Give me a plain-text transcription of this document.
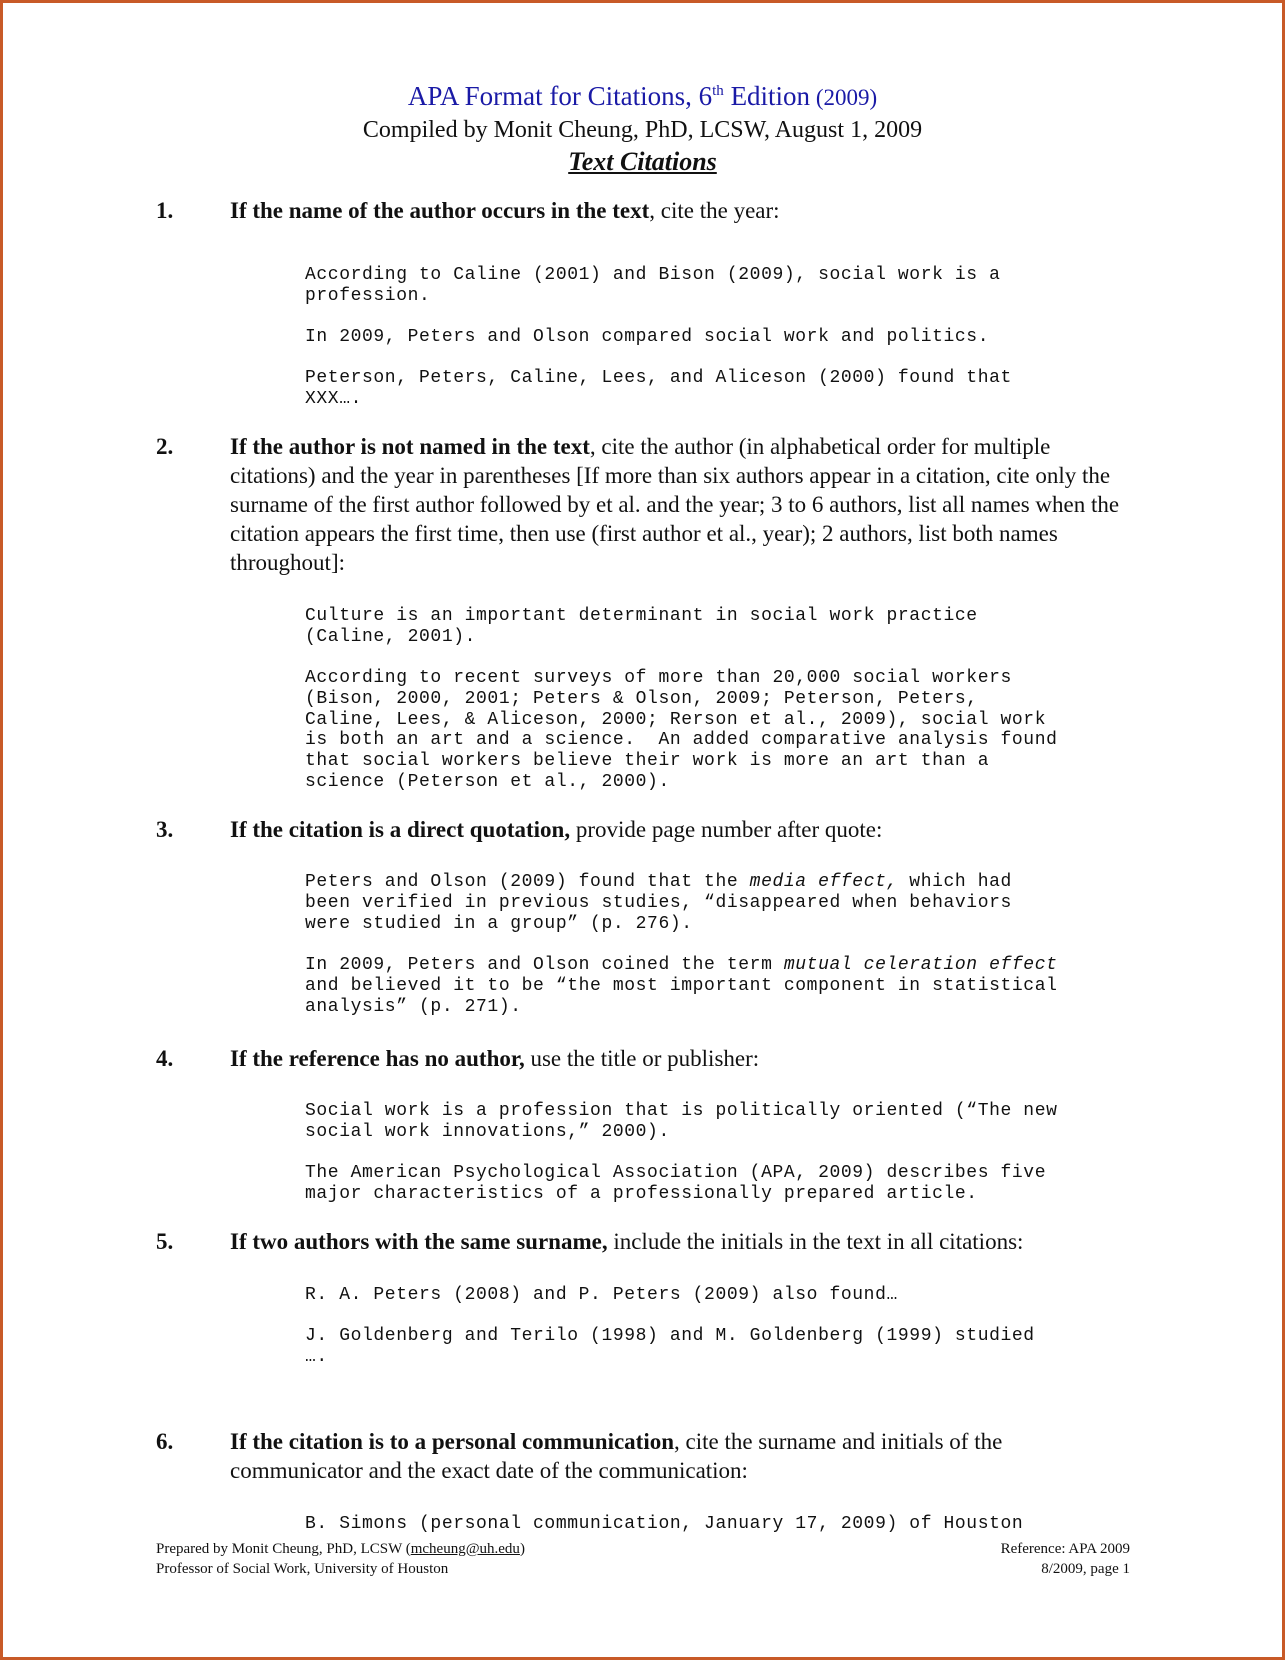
APA Format for Citations, 6th Edition (2009)
Compiled by Monit Cheung, PhD, LCSW, August 1, 2009
Text Citations
1. If the name of the author occurs in the text, cite the year:
According to Caline (2001) and Bison (2009), social work is a
profession.
In 2009, Peters and Olson compared social work and politics.
Peterson, Peters, Caline, Lees, and Aliceson (2000) found that
XXX….
2. If the author is not named in the text, cite the author (in alphabetical order for multiple citations) and the year in parentheses [If more than six authors appear in a citation, cite only the surname of the first author followed by et al. and the year; 3 to 6 authors, list all names when the citation appears the first time, then use (first author et al., year); 2 authors, list both names throughout]:
Culture is an important determinant in social work practice
(Caline, 2001).
According to recent surveys of more than 20,000 social workers
(Bison, 2000, 2001; Peters & Olson, 2009; Peterson, Peters,
Caline, Lees, & Aliceson, 2000; Rerson et al., 2009), social work
is both an art and a science.  An added comparative analysis found
that social workers believe their work is more an art than a
science (Peterson et al., 2000).
3. If the citation is a direct quotation, provide page number after quote:
Peters and Olson (2009) found that the media effect, which had
been verified in previous studies, “disappeared when behaviors
were studied in a group” (p. 276).
In 2009, Peters and Olson coined the term mutual celeration effect
and believed it to be “the most important component in statistical
analysis” (p. 271).
4. If the reference has no author, use the title or publisher:
Social work is a profession that is politically oriented (“The new
social work innovations,” 2000).
The American Psychological Association (APA, 2009) describes five
major characteristics of a professionally prepared article.
5. If two authors with the same surname, include the initials in the text in all citations:
R. A. Peters (2008) and P. Peters (2009) also found…
J. Goldenberg and Terilo (1998) and M. Goldenberg (1999) studied
….
6. If the citation is to a personal communication, cite the surname and initials of the communicator and the exact date of the communication:
B. Simons (personal communication, January 17, 2009) of Houston
Prepared by Monit Cheung, PhD, LCSW (mcheung@uh.edu)
Professor of Social Work, University of Houston
Reference: APA 2009
8/2009, page 1
